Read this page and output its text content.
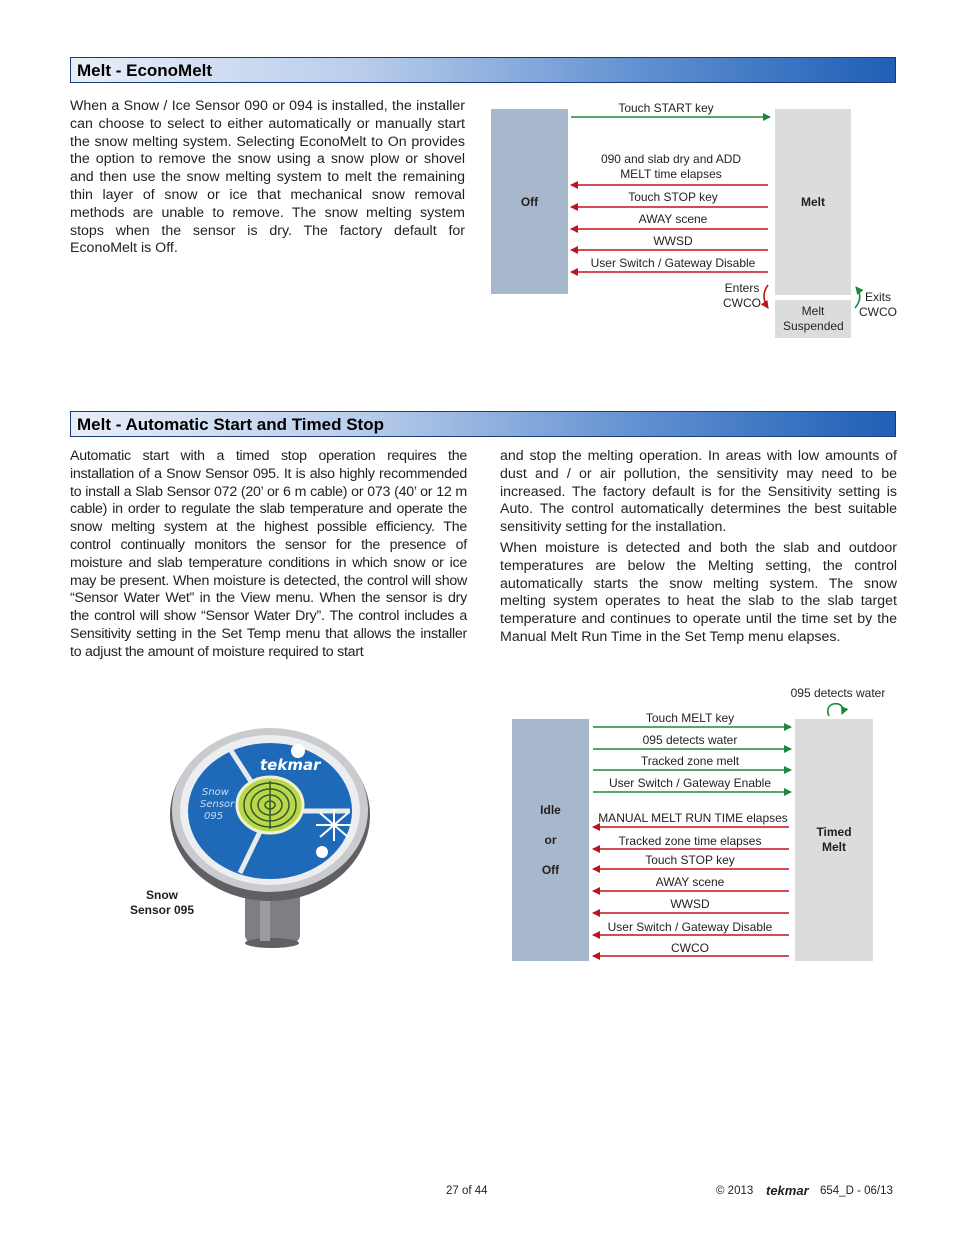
Melt - EconoMelt

When a Snow / Ice Sensor 090 or 094 is installed, the installer can choose to select to either automatically or manually start the snow melting system. Selecting EconoMelt to On provides the option to remove the snow using a snow plow or shovel and then use the snow melting system to melt the remaining thin layer of snow or ice that mechanical snow removal methods are unable to remove. The snow melting system stops when the sensor is dry. The factory default for EconoMelt is Off.

Off	Melt
Melt Suspended
Touch START key
090 and slab dry and ADD MELT time elapses
Touch STOP key
AWAY scene
WWSD
User Switch / Gateway Disable
Enters CWCO	Exits CWCO
Melt - Automatic Start and Timed Stop

Automatic start with a timed stop operation requires the installation of a Snow Sensor 095. It is also highly recommended to install a Slab Sensor 072 (20’ or 6 m cable) or 073 (40’ or 12 m cable) in order to regulate the slab temperature and operate the snow melting system at the highest possible efficiency. The control continually monitors the sensor for the presence of moisture and slab temperature conditions in which snow or ice may be present. When moisture is detected, the control will show “Sensor Water Wet” in the View menu. When the sensor is dry the control will show “Sensor Water Dry”. The control includes a Sensitivity setting in the Set Temp menu that allows the installer to adjust the amount of moisture required to start

and stop the melting operation. In areas with low amounts of dust and / or air pollution, the sensitivity may need to be increased. The factory default is for the Sensitivity setting is Auto. The control automatically determines the best suitable sensitivity setting for the installation.

When moisture is detected and both the slab and outdoor temperatures are below the Melting setting, the control automatically starts the snow melting system. The snow melting system operates to heat the slab to the slab target temperature and continues to operate until the time set by the Manual Melt Run Time in the Set Temp menu elapses.

tekmar
Snow Sensor 095
Snow Sensor 095
Idle
or
Off
Timed Melt
095 detects water
Touch MELT key
095 detects water
Tracked zone melt
User Switch / Gateway Enable
MANUAL MELT RUN TIME elapses
Tracked zone time elapses
Touch STOP key
AWAY scene
WWSD
User Switch / Gateway Disable
CWCO
27 of 44	© 2013 tekmar 654_D - 06/13
